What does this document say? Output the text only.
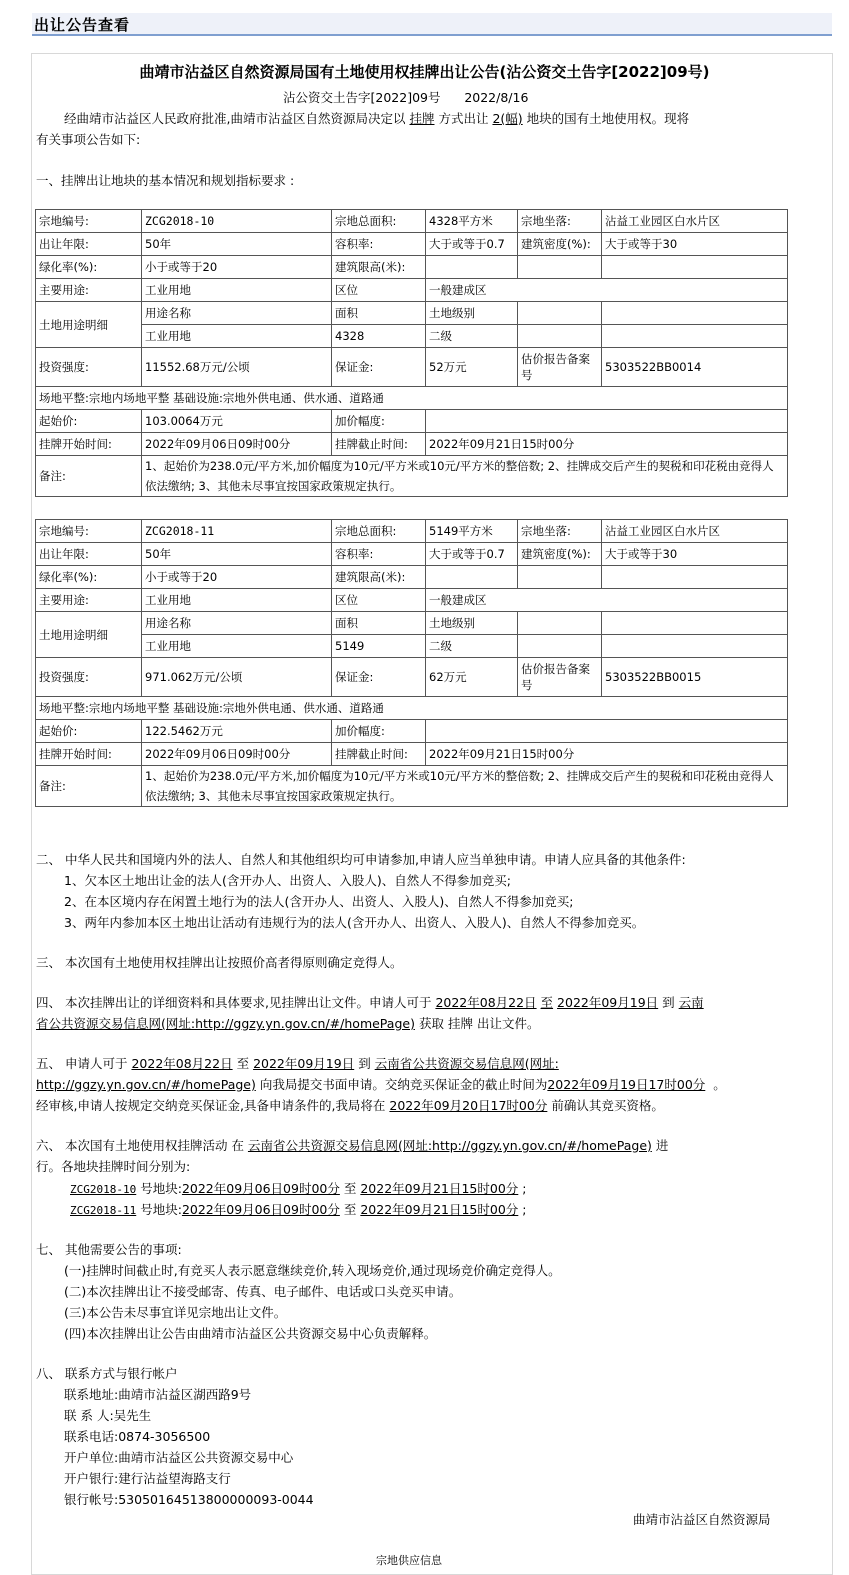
出让公告查看
曲靖市沾益区自然资源局国有土地使用权挂牌出让公告(沾公资交土告字[2022]09号)
沾公资交土告字[2022]09号 2022/8/16
经曲靖市沾益区人民政府批准,曲靖市沾益区自然资源局决定以 挂牌 方式出让 2(幅) 地块的国有土地使用权。现将
有关事项公告如下:
一、挂牌出让地块的基本情况和规划指标要求 :
宗地编号:	ZCG2018-10	宗地总面积:	4328平方米	宗地坐落:	沾益工业园区白水片区
出让年限:	50年	容积率:	大于或等于0.7	建筑密度(%):	大于或等于30
绿化率(%):	小于或等于20	建筑限高(米):			
主要用途:	工业用地	区位	一般建成区		
土地用途明细	用途名称	面积	土地级别		
	工业用地	4328	二级		
投资强度:	11552.68万元/公顷	保证金:	52万元	估价报告备案号	5303522BB0014
场地平整:宗地内场地平整 基础设施:宗地外供电通、供水通、道路通					
起始价:	103.0064万元	加价幅度:			
挂牌开始时间:	2022年09月06日09时00分	挂牌截止时间:	2022年09月21日15时00分		
备注:	1、起始价为238.0元/平方米,加价幅度为10元/平方米或10元/平方米的整倍数; 2、挂牌成交后产生的契税和印花税由竞得人依法缴纳; 3、其他未尽事宜按国家政策规定执行。				
宗地编号:	ZCG2018-11	宗地总面积:	5149平方米	宗地坐落:	沾益工业园区白水片区
出让年限:	50年	容积率:	大于或等于0.7	建筑密度(%):	大于或等于30
绿化率(%):	小于或等于20	建筑限高(米):			
主要用途:	工业用地	区位	一般建成区		
土地用途明细	用途名称	面积	土地级别		
	工业用地	5149	二级		
投资强度:	971.062万元/公顷	保证金:	62万元	估价报告备案号	5303522BB0015
场地平整:宗地内场地平整 基础设施:宗地外供电通、供水通、道路通					
起始价:	122.5462万元	加价幅度:			
挂牌开始时间:	2022年09月06日09时00分	挂牌截止时间:	2022年09月21日15时00分		
备注:	1、起始价为238.0元/平方米,加价幅度为10元/平方米或10元/平方米的整倍数; 2、挂牌成交后产生的契税和印花税由竞得人依法缴纳; 3、其他未尽事宜按国家政策规定执行。				
二、 中华人民共和国境内外的法人、自然人和其他组织均可申请参加,申请人应当单独申请。申请人应具备的其他条件:
1、欠本区土地出让金的法人(含开办人、出资人、入股人)、自然人不得参加竞买;
2、在本区境内存在闲置土地行为的法人(含开办人、出资人、入股人)、自然人不得参加竞买;
3、两年内参加本区土地出让活动有违规行为的法人(含开办人、出资人、入股人)、自然人不得参加竞买。
三、 本次国有土地使用权挂牌出让按照价高者得原则确定竞得人。
四、 本次挂牌出让的详细资料和具体要求,见挂牌出让文件。申请人可于 2022年08月22日 至 2022年09月19日 到 云南
省公共资源交易信息网(网址:http://ggzy.yn.gov.cn/#/homePage) 获取 挂牌 出让文件。
五、 申请人可于 2022年08月22日 至 2022年09月19日 到 云南省公共资源交易信息网(网址:
http://ggzy.yn.gov.cn/#/homePage) 向我局提交书面申请。交纳竞买保证金的截止时间为2022年09月19日17时00分 。
经审核,申请人按规定交纳竞买保证金,具备申请条件的,我局将在 2022年09月20日17时00分 前确认其竞买资格。
六、 本次国有土地使用权挂牌活动 在 云南省公共资源交易信息网(网址:http://ggzy.yn.gov.cn/#/homePage) 进
行。各地块挂牌时间分别为:
ZCG2018-10 号地块:2022年09月06日09时00分 至 2022年09月21日15时00分 ;
ZCG2018-11 号地块:2022年09月06日09时00分 至 2022年09月21日15时00分 ;
七、 其他需要公告的事项:
(一)挂牌时间截止时,有竞买人表示愿意继续竞价,转入现场竞价,通过现场竞价确定竞得人。
(二)本次挂牌出让不接受邮寄、传真、电子邮件、电话或口头竞买申请。
(三)本公告未尽事宜详见宗地出让文件。
(四)本次挂牌出让公告由曲靖市沾益区公共资源交易中心负责解释。
八、 联系方式与银行帐户
联系地址:曲靖市沾益区湖西路9号
联 系 人:吴先生
联系电话:0874-3056500
开户单位:曲靖市沾益区公共资源交易中心
开户银行:建行沾益望海路支行
银行帐号:53050164513800000093-0044
曲靖市沾益区自然资源局
宗地供应信息
